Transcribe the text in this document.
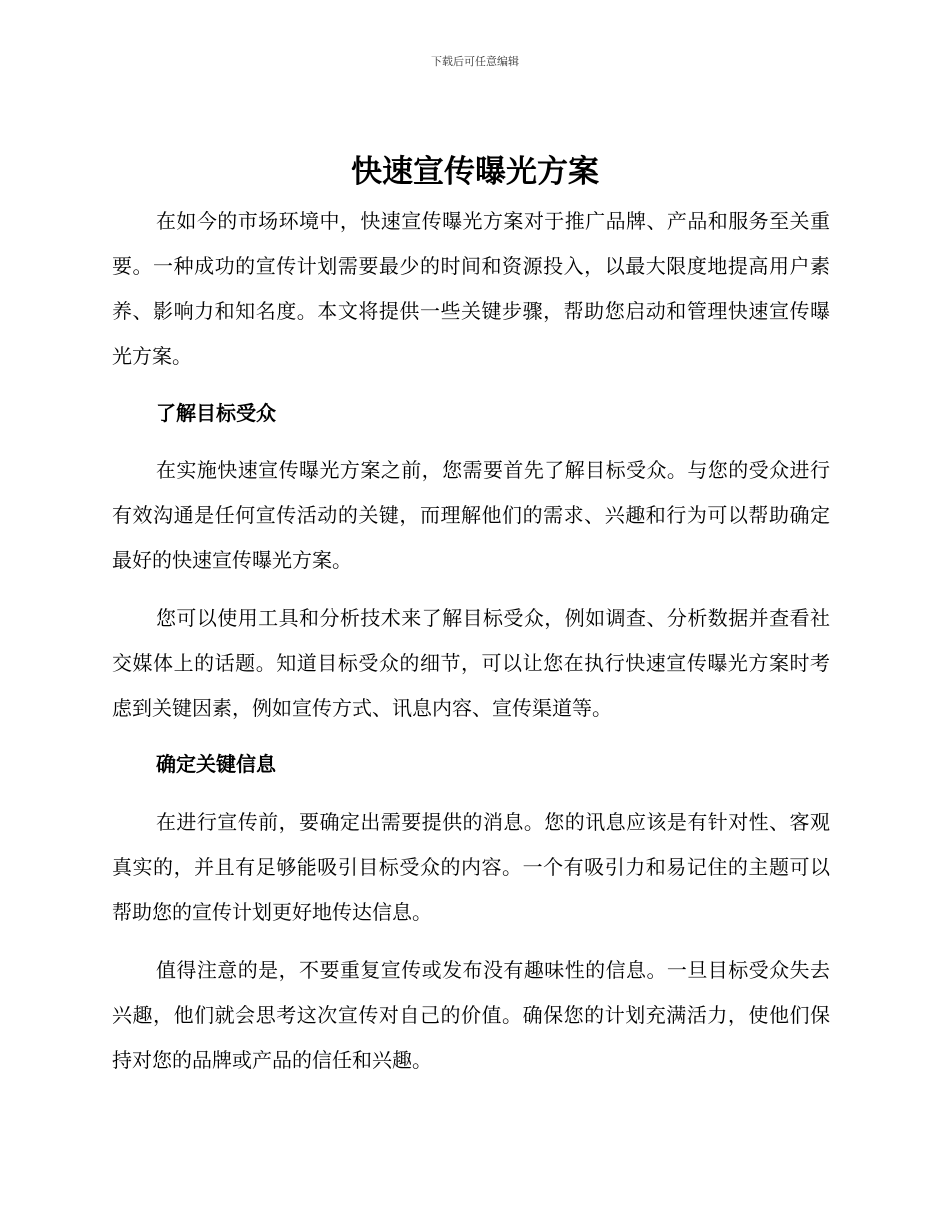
下载后可任意编辑
快速宣传曝光方案

在如今的市场环境中，快速宣传曝光方案对于推广品牌、产品和服务至关重要。一种成功的宣传计划需要最少的时间和资源投入，以最大限度地提高用户素养、影响力和知名度。本文将提供一些关键步骤，帮助您启动和管理快速宣传曝光方案。

了解目标受众

在实施快速宣传曝光方案之前，您需要首先了解目标受众。与您的受众进行有效沟通是任何宣传活动的关键，而理解他们的需求、兴趣和行为可以帮助确定最好的快速宣传曝光方案。

您可以使用工具和分析技术来了解目标受众，例如调查、分析数据并查看社交媒体上的话题。知道目标受众的细节，可以让您在执行快速宣传曝光方案时考虑到关键因素，例如宣传方式、讯息内容、宣传渠道等。

确定关键信息

在进行宣传前，要确定出需要提供的消息。您的讯息应该是有针对性、客观真实的，并且有足够能吸引目标受众的内容。一个有吸引力和易记住的主题可以帮助您的宣传计划更好地传达信息。

值得注意的是，不要重复宣传或发布没有趣味性的信息。一旦目标受众失去兴趣，他们就会思考这次宣传对自己的价值。确保您的计划充满活力，使他们保持对您的品牌或产品的信任和兴趣。
